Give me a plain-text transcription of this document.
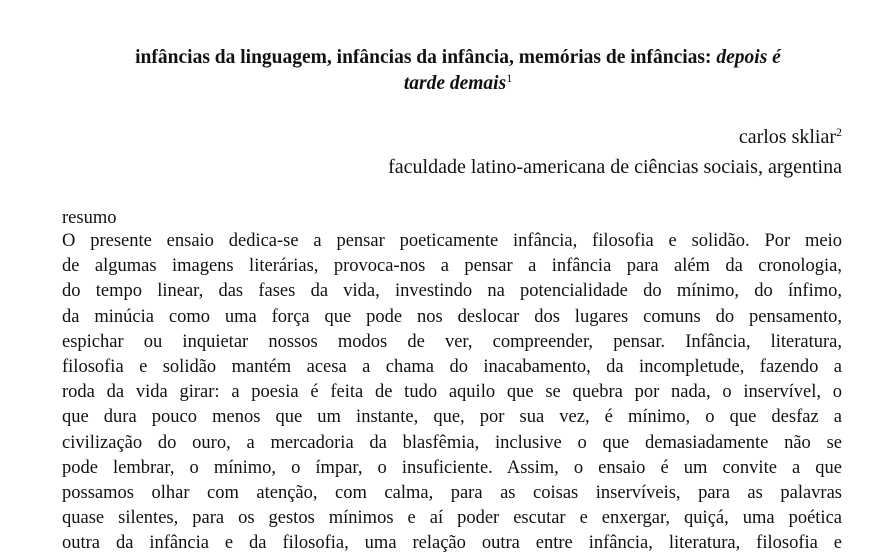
infâncias da linguagem, infâncias da infância, memórias de infâncias: depois é
tarde demais$^1$
carlos skliar$^2$
faculdade latino-americana de ciências sociais, argentina
resumo
O presente ensaio dedica-se a pensar poeticamente infância, filosofia e solidão. Por meio
de algumas imagens literárias, provoca-nos a pensar a infância para além da cronologia,
do tempo linear, das fases da vida, investindo na potencialidade do mínimo, do ínfimo,
da minúcia como uma força que pode nos deslocar dos lugares comuns do pensamento,
espichar ou inquietar nossos modos de ver, compreender, pensar. Infância, literatura,
filosofia e solidão mantém acesa a chama do inacabamento, da incompletude, fazendo a
roda da vida girar: a poesia é feita de tudo aquilo que se quebra por nada, o inservível, o
que dura pouco menos que um instante, que, por sua vez, é mínimo, o que desfaz a
civilização do ouro, a mercadoria da blasfêmia, inclusive o que demasiadamente não se
pode lembrar, o mínimo, o ímpar, o insuficiente. Assim, o ensaio é um convite a que
possamos olhar com atenção, com calma, para as coisas inservíveis, para as palavras
quase silentes, para os gestos mínimos e aí poder escutar e enxergar, quiçá, uma poética
outra da infância e da filosofia, uma relação outra entre infância, literatura, filosofia e
